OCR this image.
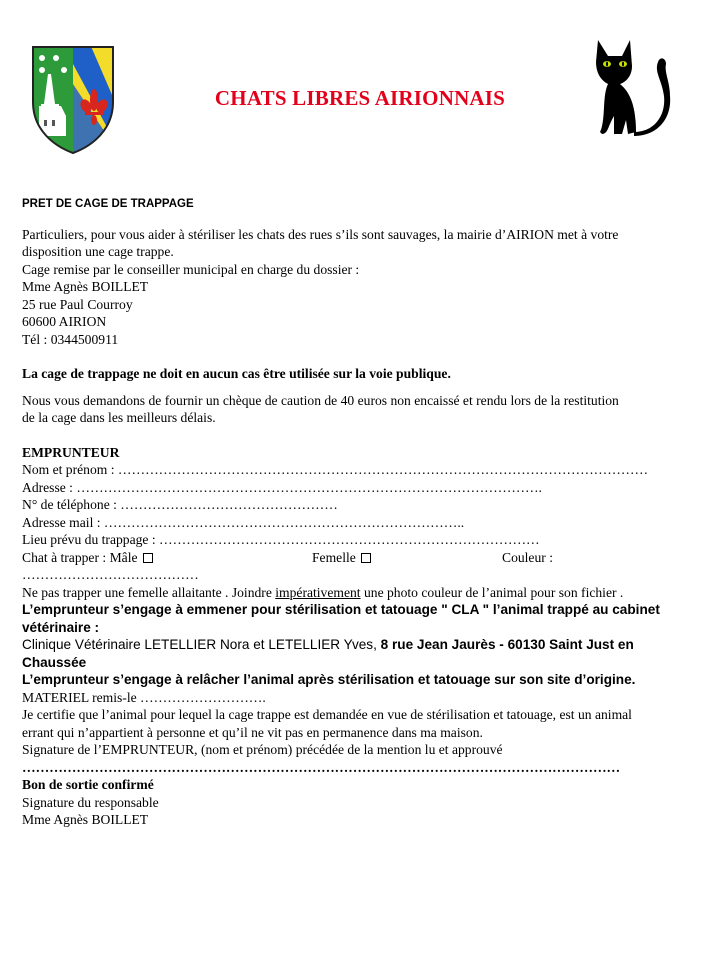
CHATS LIBRES AIRIONNAIS
PRET DE CAGE DE TRAPPAGE

Particuliers, pour vous aider à stériliser les chats des rues s’ils sont sauvages, la mairie d’AIRION met à votre

disposition une cage trappe.

Cage remise par le conseiller municipal en charge du dossier :

Mme Agnès BOILLET

25 rue Paul Courroy

60600 AIRION

Tél : 0344500911

La cage de trappage ne doit en aucun cas être utilisée sur la voie publique.

Nous vous demandons de fournir un chèque de caution de 40 euros non encaissé et rendu lors de la restitution

de la cage dans les meilleurs délais.

EMPRUNTEUR

Nom et prénom : ………………………………………………………………………………………………………

Adresse : ………………………………………………………………………………………….

N° de téléphone : …………………………………………

Adresse mail : ……………………………………………………………………..

Lieu prévu du trappage : …………………………………………………………………………

Chat à trapper : Mâle	Femelle	Couleur :

…………………………………

Ne pas trapper une femelle allaitante . Joindre impérativement une photo couleur de l’animal pour son fichier .

L’emprunteur s’engage à emmener pour stérilisation et tatouage " CLA " l’animal trappé au cabinet

vétérinaire :

Clinique Vétérinaire LETELLIER Nora et LETELLIER Yves, 8 rue Jean Jaurès - 60130 Saint Just en

Chaussée

L’emprunteur s’engage à relâcher l’animal après stérilisation et tatouage sur son site d’origine.

MATERIEL remis-le ……………………….

Je certifie que l’animal pour lequel la cage trappe est demandée en vue de stérilisation et tatouage, est un animal

errant qui n’appartient à personne et qu’il ne vit pas en permanence dans ma maison.

Signature de l’EMPRUNTEUR, (nom et prénom) précédée de la mention lu et approuvé

……………………………………………………………………………………………………………………

Bon de sortie confirmé

Signature du responsable

Mme Agnès BOILLET
